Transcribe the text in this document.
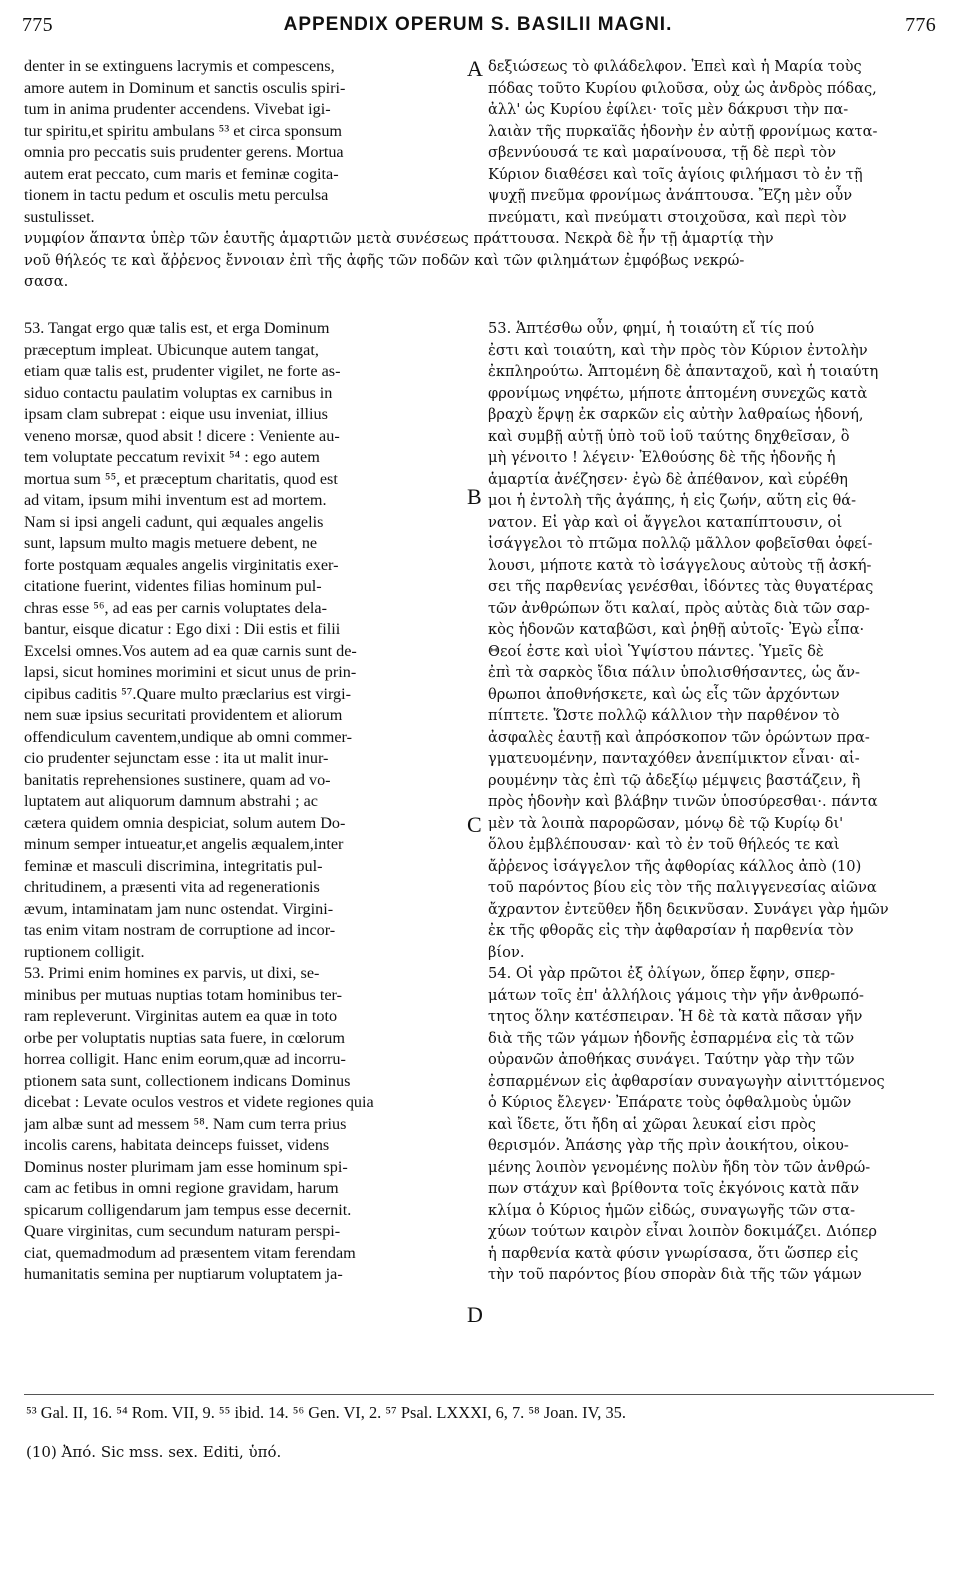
775	APPENDIX OPERUM S. BASILII MAGNI.	776
denter in se extinguens lacrymis et compescens,
amore autem in Dominum et sanctis osculis spiri-
tum in anima prudenter accendens. Vivebat igi-
tur spiritu,et spiritu ambulans ⁵³ et circa sponsum
omnia pro peccatis suis prudenter gerens. Mortua
autem erat peccato, cum maris et feminæ cogita-
tionem in tactu pedum et osculis metu perculsa
sustulisset.
δεξιώσεως τὸ φιλάδελφον. Ἐπεὶ καὶ ἡ Μαρία τοὺς
πόδας τοῦτο Κυρίου φιλοῦσα, οὐχ ὡς ἀνδρὸς πόδας,
ἀλλ' ὡς Κυρίου ἐφίλει· τοῖς μὲν δάκρυσι τὴν πα-
λαιὰν τῆς πυρκαϊᾶς ἡδονὴν ἐν αὐτῇ φρονίμως κατα-
σβεννύουσά τε καὶ μαραίνουσα, τῇ δὲ περὶ τὸν
Κύριον διαθέσει καὶ τοῖς ἁγίοις φιλήμασι τὸ ἐν τῇ
ψυχῇ πνεῦμα φρονίμως ἀνάπτουσα. Ἔζη μὲν οὖν
πνεύματι, καὶ πνεύματι στοιχοῦσα, καὶ περὶ τὸν
νυμφίον ἅπαντα ὑπὲρ τῶν ἑαυτῆς ἁμαρτιῶν μετὰ συνέσεως πράττουσα. Νεκρὰ δὲ ἦν τῇ ἁμαρτίᾳ τὴν
νοῦ θήλεός τε καὶ ἄῤῥενος ἔννοιαν ἐπὶ τῆς ἀφῆς τῶν ποδῶν καὶ τῶν φιλημάτων ἐμφόβως νεκρώ-
σασα.
53. Tangat ergo quæ talis est, et erga Dominum
præceptum impleat. Ubicunque autem tangat,
etiam quæ talis est, prudenter vigilet, ne forte as-
siduo contactu paulatim voluptas ex carnibus in
ipsam clam subrepat : eique usu inveniat, illius
veneno morsæ, quod absit ! dicere : Veniente au-
tem voluptate peccatum revixit ⁵⁴ : ego autem
mortua sum ⁵⁵, et præceptum charitatis, quod est
ad vitam, ipsum mihi inventum est ad mortem.
Nam si ipsi angeli cadunt, qui æquales angelis
sunt, lapsum multo magis metuere debent, ne
forte postquam æquales angelis virginitatis exer-
citatione fuerint, videntes filias hominum pul-
chras esse ⁵⁶, ad eas per carnis voluptates dela-
bantur, eisque dicatur : Ego dixi : Dii estis et filii
Excelsi omnes.Vos autem ad ea quæ carnis sunt de-
lapsi, sicut homines morimini et sicut unus de prin-
cipibus caditis ⁵⁷.Quare multo præclarius est virgi-
nem suæ ipsius securitati providentem et aliorum
offendiculum caventem,undique ab omni commer-
cio prudenter sejunctam esse : ita ut malit inur-
banitatis reprehensiones sustinere, quam ad vo-
luptatem aut aliquorum damnum abstrahi ; ac
cætera quidem omnia despiciat, solum autem Do-
minum semper intueatur,et angelis æqualem,inter
feminæ et masculi discrimina, integritatis pul-
chritudinem, a præsenti vita ad regenerationis
ævum, intaminatam jam nunc ostendat. Virgini-
tas enim vitam nostram de corruptione ad incor-
ruptionem colligit.
53. Primi enim homines ex parvis, ut dixi, se-
minibus per mutuas nuptias totam hominibus ter-
ram repleverunt. Virginitas autem ea quæ in toto
orbe per voluptatis nuptias sata fuere, in cœlorum
horrea colligit. Hanc enim eorum,quæ ad incorru-
ptionem sata sunt, collectionem indicans Dominus
dicebat : Levate oculos vestros et videte regiones quia
jam albæ sunt ad messem ⁵⁸. Nam cum terra prius
incolis carens, habitata deinceps fuisset, videns
Dominus noster plurimam jam esse hominum spi-
cam ac fetibus in omni regione gravidam, harum
spicarum colligendarum jam tempus esse decernit.
Quare virginitas, cum secundum naturam perspi-
ciat, quemadmodum ad præsentem vitam ferendam
humanitatis semina per nuptiarum voluptatem ja-
53. Ἁπτέσθω οὖν, φημί, ἡ τοιαύτη εἴ τίς πού
ἐστι καὶ τοιαύτη, καὶ τὴν πρὸς τὸν Κύριον ἐντολὴν
ἐκπληρούτω. Ἁπτομένη δὲ ἁπανταχοῦ, καὶ ἡ τοιαύτη
φρονίμως νηφέτω, μήποτε ἁπτομένη συνεχῶς κατὰ
βραχὺ ἕρψῃ ἐκ σαρκῶν εἰς αὐτὴν λαθραίως ἡδονή,
καὶ συμβῇ αὐτῇ ὑπὸ τοῦ ἰοῦ ταύτης δηχθεῖσαν, ὃ
μὴ γένοιτο ! λέγειν· Ἐλθούσης δὲ τῆς ἡδονῆς ἡ
ἁμαρτία ἀνέζησεν· ἐγὼ δὲ ἀπέθανον, καὶ εὑρέθη
μοι ἡ ἐντολὴ τῆς ἀγάπης, ἡ εἰς ζωήν, αὕτη εἰς θά-
νατον. Εἰ γὰρ καὶ οἱ ἄγγελοι καταπίπτουσιν, οἱ
ἰσάγγελοι τὸ πτῶμα πολλῷ μᾶλλον φοβεῖσθαι ὀφεί-
λουσι, μήποτε κατὰ τὸ ἰσάγγελους αὐτοὺς τῇ ἀσκή-
σει τῆς παρθενίας γενέσθαι, ἰδόντες τὰς θυγατέρας
τῶν ἀνθρώπων ὅτι καλαί, πρὸς αὐτὰς διὰ τῶν σαρ-
κὸς ἡδονῶν καταβῶσι, καὶ ῥηθῇ αὐτοῖς· Ἐγὼ εἶπα·
Θεοί ἐστε καὶ υἱοὶ Ὑψίστου πάντες. Ὑμεῖς δὲ
ἐπὶ τὰ σαρκὸς ἴδια πάλιν ὑπολισθήσαντες, ὡς ἄν-
θρωποι ἀποθνήσκετε, καὶ ὡς εἷς τῶν ἀρχόντων
πίπτετε. Ὥστε πολλῷ κάλλιον τὴν παρθένον τὸ
ἀσφαλὲς ἑαυτῇ καὶ ἀπρόσκοπον τῶν ὁρώντων πρα-
γματευομένην, πανταχόθεν ἀνεπίμικτον εἶναι· αἱ-
ρουμένην τὰς ἐπὶ τῷ ἀδεξίῳ μέμψεις βαστάζειν, ἢ
πρὸς ἡδονὴν καὶ βλάβην τινῶν ὑποσύρεσθαι·. πάντα
μὲν τὰ λοιπὰ παρορῶσαν, μόνῳ δὲ τῷ Κυρίῳ δι'
ὅλου ἐμβλέπουσαν· καὶ τὸ ἐν τοῦ θήλεός τε καὶ
ἄῤῥενος ἰσάγγελον τῆς ἀφθορίας κάλλος ἀπὸ (10)
τοῦ παρόντος βίου εἰς τὸν τῆς παλιγγενεσίας αἰῶνα
ἄχραντον ἐντεῦθεν ἤδη δεικνῦσαν. Συνάγει γὰρ ἡμῶν
ἐκ τῆς φθορᾶς εἰς τὴν ἀφθαρσίαν ἡ παρθενία τὸν
βίον.
54. Οἱ γὰρ πρῶτοι ἐξ ὀλίγων, ὅπερ ἔφην, σπερ-
μάτων τοῖς ἐπ' ἀλλήλοις γάμοις τὴν γῆν ἀνθρωπό-
τητος ὅλην κατέσπειραν. Ἡ δὲ τὰ κατὰ πᾶσαν γῆν
διὰ τῆς τῶν γάμων ἡδονῆς ἐσπαρμένα εἰς τὰ τῶν
οὐρανῶν ἀποθήκας συνάγει. Ταύτην γὰρ τὴν τῶν
ἐσπαρμένων εἰς ἀφθαρσίαν συναγωγὴν αἰνιττόμενος
ὁ Κύριος ἔλεγεν· Ἐπάρατε τοὺς ὀφθαλμοὺς ὑμῶν
καὶ ἴδετε, ὅτι ἤδη αἱ χῶραι λευκαί εἰσι πρὸς
θερισμόν. Ἁπάσης γὰρ τῆς πρὶν ἀοικήτου, οἰκου-
μένης λοιπὸν γενομένης πολὺν ἤδη τὸν τῶν ἀνθρώ-
πων στάχυν καὶ βρίθοντα τοῖς ἐκγόνοις κατὰ πᾶν
κλίμα ὁ Κύριος ἡμῶν εἰδώς, συναγωγῆς τῶν στα-
χύων τούτων καιρὸν εἶναι λοιπὸν δοκιμάζει. Διόπερ
ἡ παρθενία κατὰ φύσιν γνωρίσασα, ὅτι ὥσπερ εἰς
τὴν τοῦ παρόντος βίου σπορὰν διὰ τῆς τῶν γάμων
A
B
C
D
⁵³ Gal. II, 16. ⁵⁴ Rom. VII, 9. ⁵⁵ ibid. 14. ⁵⁶ Gen. VI, 2. ⁵⁷ Psal. LXXXI, 6, 7. ⁵⁸ Joan. IV, 35.
(10) Ἀπό. Sic mss. sex. Editi, ὑπό.
